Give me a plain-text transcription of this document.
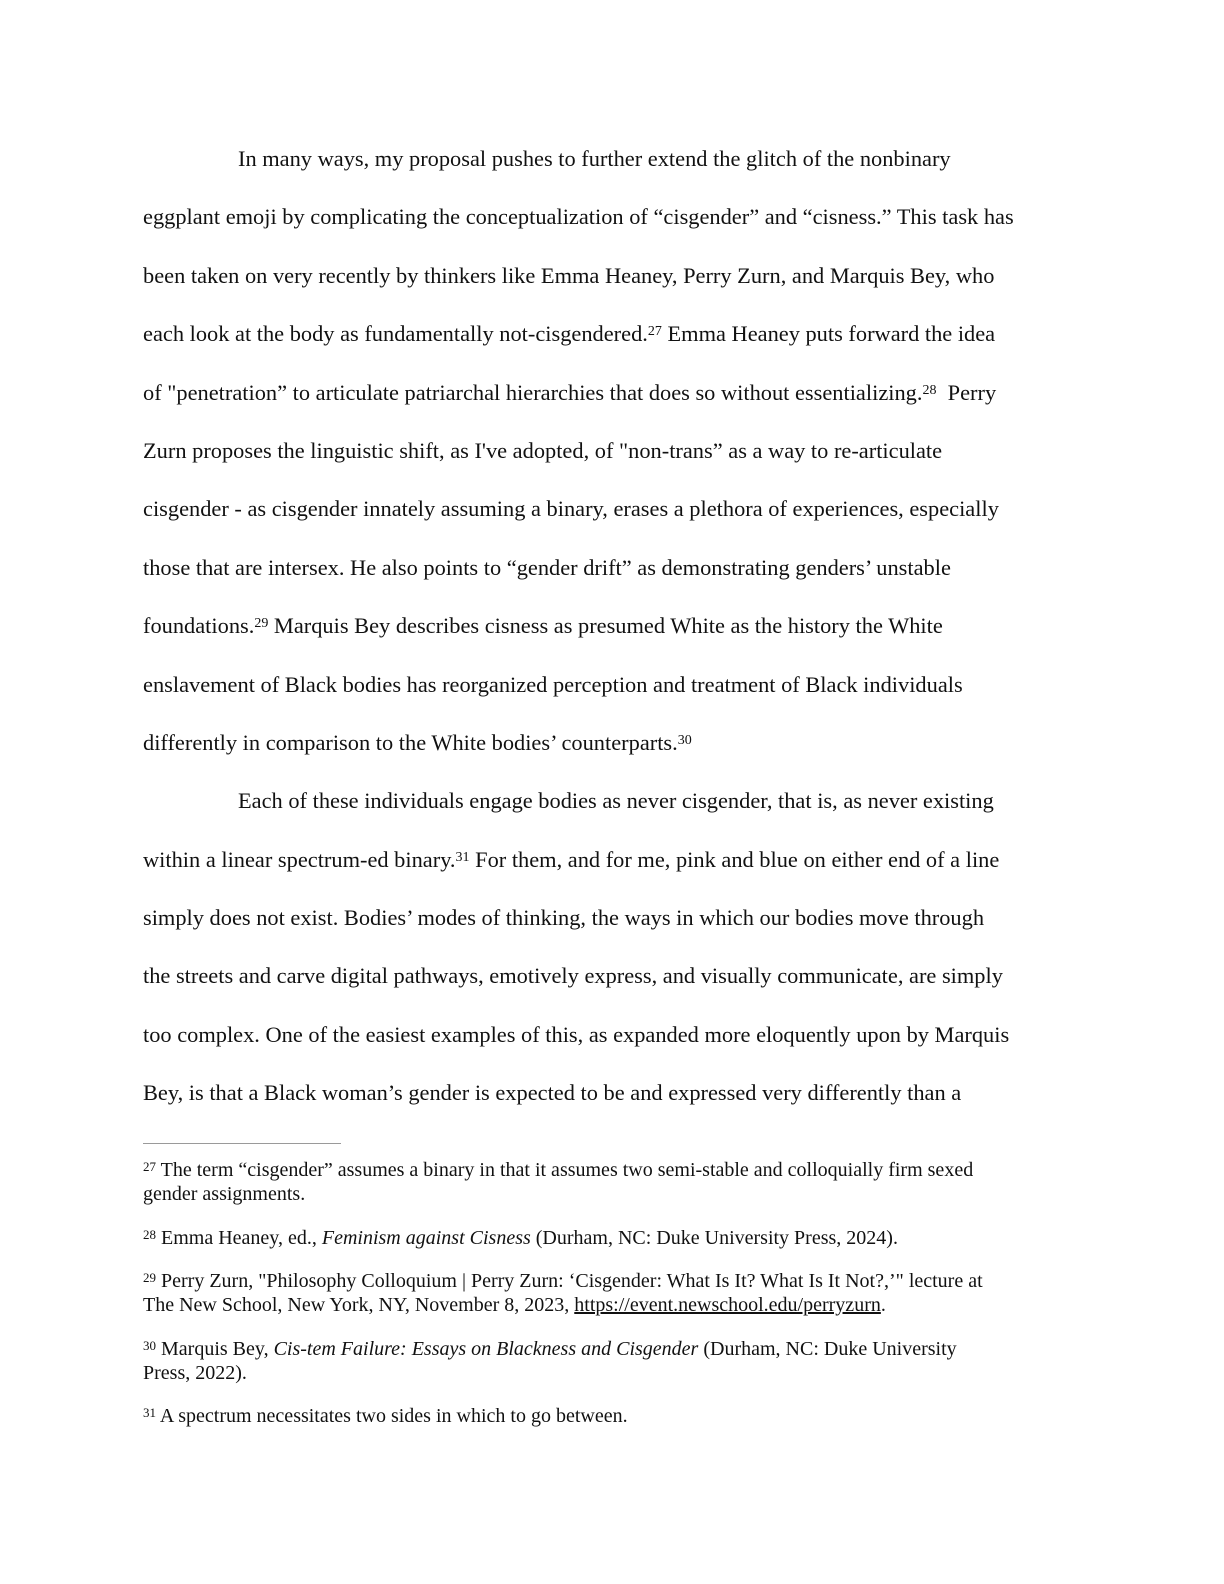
In many ways, my proposal pushes to further extend the glitch of the nonbinary
eggplant emoji by complicating the conceptualization of “cisgender” and “cisness.” This task has
been taken on very recently by thinkers like Emma Heaney, Perry Zurn, and Marquis Bey, who
each look at the body as fundamentally not-cisgendered.$^{27}$ Emma Heaney puts forward the idea
of "penetration” to articulate patriarchal hierarchies that does so without essentializing.$^{28}$  Perry
Zurn proposes the linguistic shift, as I've adopted, of "non-trans” as a way to re-articulate
cisgender - as cisgender innately assuming a binary, erases a plethora of experiences, especially
those that are intersex. He also points to “gender drift” as demonstrating genders’ unstable
foundations.$^{29}$ Marquis Bey describes cisness as presumed White as the history the White
enslavement of Black bodies has reorganized perception and treatment of Black individuals
differently in comparison to the White bodies’ counterparts.$^{30}$
Each of these individuals engage bodies as never cisgender, that is, as never existing
within a linear spectrum-ed binary.$^{31}$ For them, and for me, pink and blue on either end of a line
simply does not exist. Bodies’ modes of thinking, the ways in which our bodies move through
the streets and carve digital pathways, emotively express, and visually communicate, are simply
too complex. One of the easiest examples of this, as expanded more eloquently upon by Marquis
Bey, is that a Black woman’s gender is expected to be and expressed very differently than a
$^{27}$ The term “cisgender” assumes a binary in that it assumes two semi-stable and colloquially firm sexed
gender assignments.
$^{28}$ Emma Heaney, ed., Feminism against Cisness (Durham, NC: Duke University Press, 2024).
$^{29}$ Perry Zurn, "Philosophy Colloquium | Perry Zurn: ‘Cisgender: What Is It? What Is It Not?,’" lecture at
The New School, New York, NY, November 8, 2023, https://event.newschool.edu/perryzurn.
$^{30}$ Marquis Bey, Cis-tem Failure: Essays on Blackness and Cisgender (Durham, NC: Duke University
Press, 2022).
$^{31}$ A spectrum necessitates two sides in which to go between.
